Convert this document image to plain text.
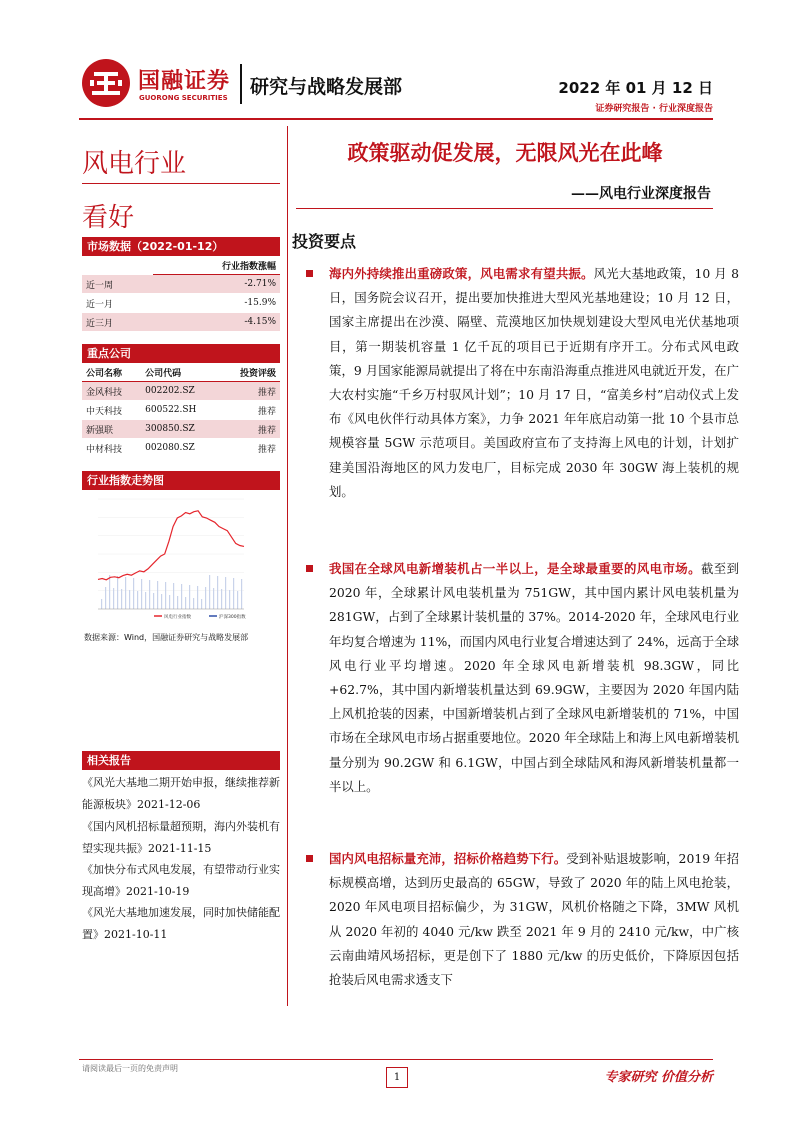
国融证券
GUORONG SECURITIES 研究与战略发展部	2022 年 01 月 12 日
证券研究报告 · 行业深度报告
风电行业
看好
市场数据（2022-01-12）
	行业指数涨幅
近一周	-2.71%
近一月	-15.9%
近三月	-4.15%
重点公司
公司名称	公司代码	投资评级
金风科技	002202.SZ	推荐
中天科技	600522.SH	推荐
新强联	300850.SZ	推荐
中材科技	002080.SZ	推荐
行业指数走势图
风电行业指数	沪深300指数
数据来源：Wind，国融证券研究与战略发展部
相关报告
《风光大基地二期开始申报，继续推荐新能源板块》2021-12-06
《国内风机招标量超预期，海内外装机有望实现共振》2021-11-15
《加快分布式风电发展，有望带动行业实现高增》2021-10-19
《风光大基地加速发展，同时加快储能配置》2021-10-11
政策驱动促发展，无限风光在此峰
——风电行业深度报告
投资要点
海内外持续推出重磅政策，风电需求有望共振。风光大基地政策，10 月 8 日，国务院会议召开，提出要加快推进大型风光基地建设；10 月 12 日，国家主席提出在沙漠、隔壁、荒漠地区加快规划建设大型风电光伏基地项目，第一期装机容量 1 亿千瓦的项目已于近期有序开工。分布式风电政策，9 月国家能源局就提出了将在中东南沿海重点推进风电就近开发，在广大农村实施“千乡万村驭风计划”；10 月 17 日，“富美乡村”启动仪式上发布《风电伙伴行动具体方案》，力争 2021 年年底启动第一批 10 个县市总规模容量 5GW 示范项目。美国政府宣布了支持海上风电的计划，计划扩建美国沿海地区的风力发电厂，目标完成 2030 年 30GW 海上装机的规划。
我国在全球风电新增装机占一半以上，是全球最重要的风电市场。截至到 2020 年，全球累计风电装机量为 751GW，其中国内累计风电装机量为 281GW，占到了全球累计装机量的 37%。2014-2020 年，全球风电行业年均复合增速为 11%，而国内风电行业复合增速达到了 24%，远高于全球风电行业平均增速。2020 年全球风电新增装机 98.3GW，同比+62.7%，其中国内新增装机量达到 69.9GW，主要因为 2020 年国内陆上风机抢装的因素，中国新增装机占到了全球风电新增装机的 71%，中国市场在全球风电市场占据重要地位。2020 年全球陆上和海上风电新增装机量分别为 90.2GW 和 6.1GW，中国占到全球陆风和海风新增装机量都一半以上。
国内风电招标量充沛，招标价格趋势下行。受到补贴退坡影响，2019 年招标规模高增，达到历史最高的 65GW，导致了 2020 年的陆上风电抢装，2020 年风电项目招标偏少，为 31GW，风机价格随之下降，3MW 风机从 2020 年初的 4040 元/kw 跌至 2021 年 9 月的 2410 元/kw，中广核云南曲靖风场招标，更是创下了 1880 元/kw 的历史低价，下降原因包括抢装后风电需求透支下
请阅读最后一页的免责声明
1	专家研究 价值分析
